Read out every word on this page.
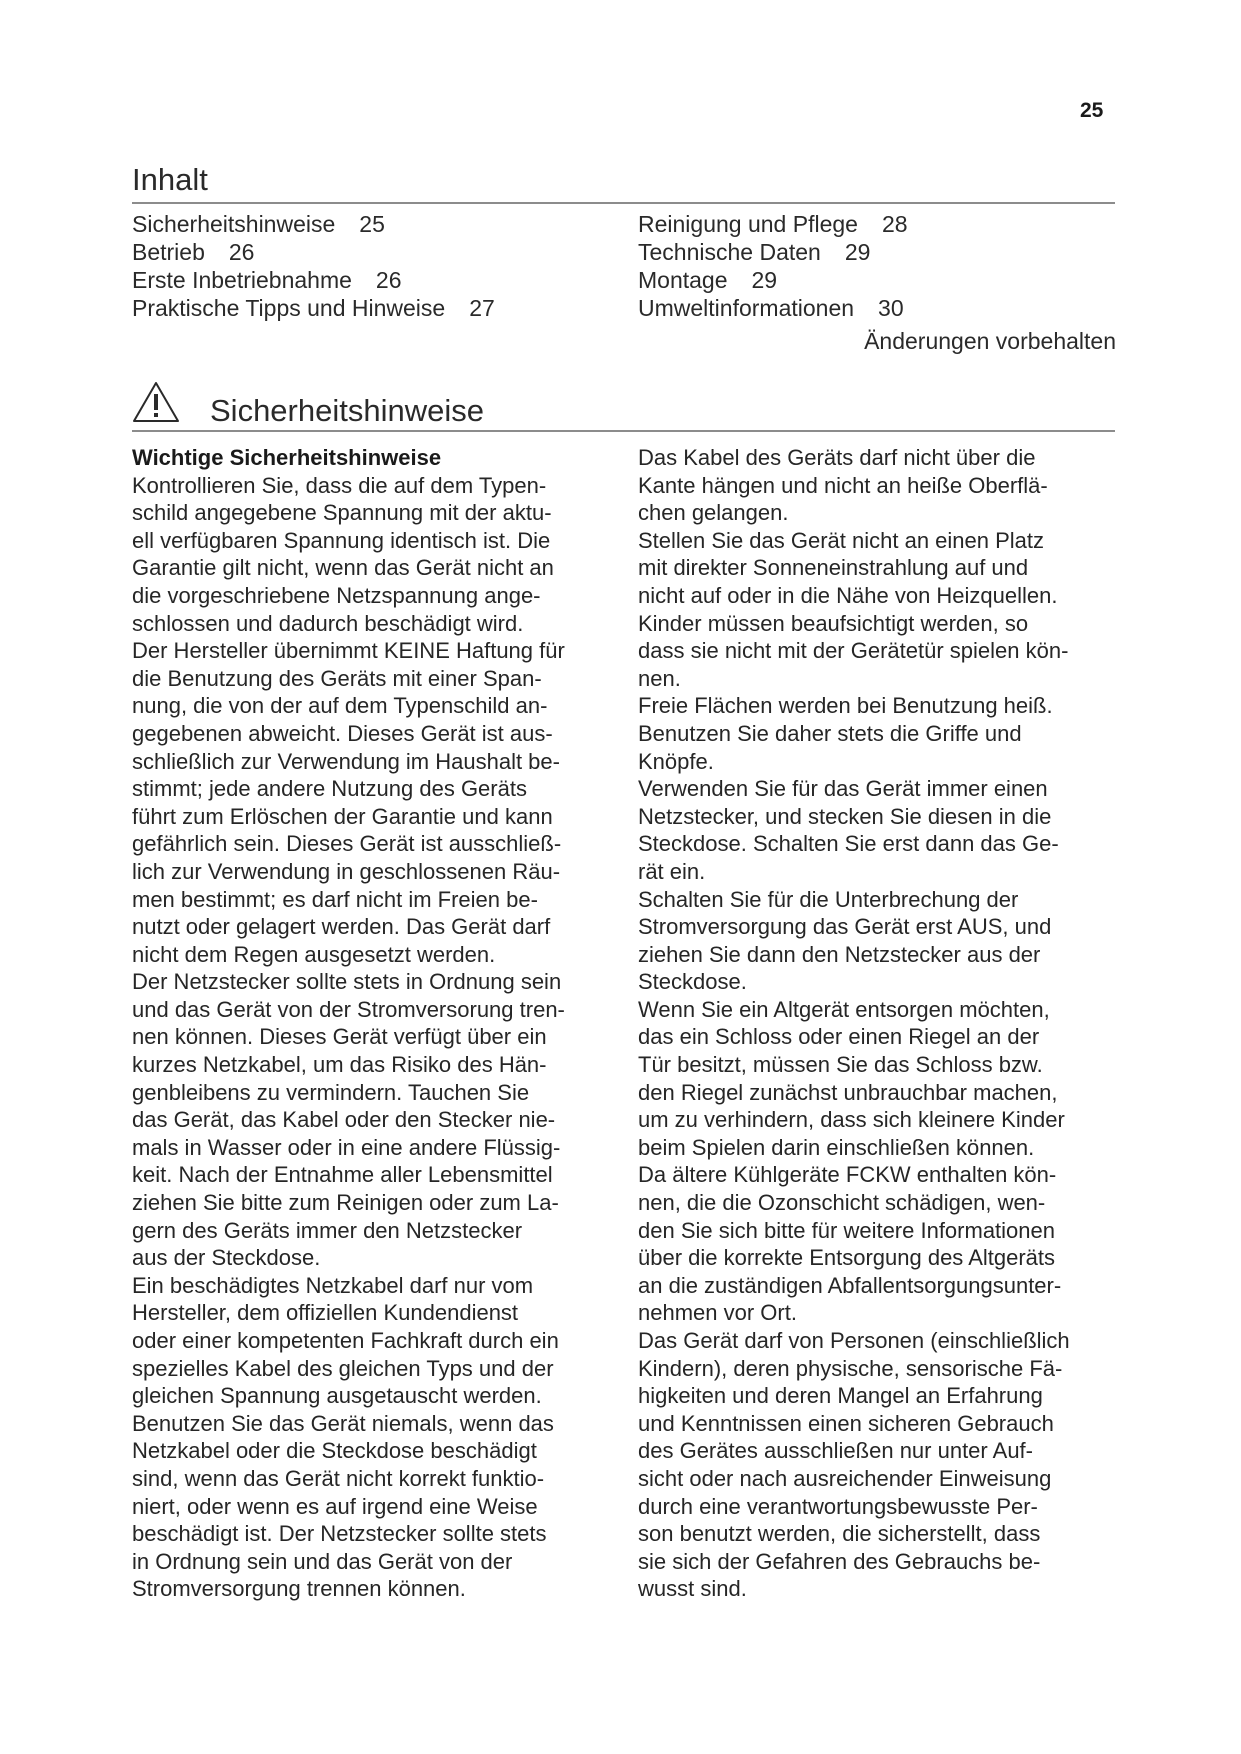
25
Inhalt
Sicherheitshinweise 25
Betrieb 26
Erste Inbetriebnahme 26
Praktische Tipps und Hinweise 27
Reinigung und Pflege 28
Technische Daten 29
Montage 29
Umweltinformationen 30
Änderungen vorbehalten
Sicherheitshinweise

Wichtige Sicherheitshinweise

Kontrollieren Sie, dass die auf dem Typen-
schild angegebene Spannung mit der aktu-
ell verfügbaren Spannung identisch ist. Die
Garantie gilt nicht, wenn das Gerät nicht an
die vorgeschriebene Netzspannung ange-
schlossen und dadurch beschädigt wird.
Der Hersteller übernimmt KEINE Haftung für
die Benutzung des Geräts mit einer Span-
nung, die von der auf dem Typenschild an-
gegebenen abweicht. Dieses Gerät ist aus-
schließlich zur Verwendung im Haushalt be-
stimmt; jede andere Nutzung des Geräts
führt zum Erlöschen der Garantie und kann
gefährlich sein. Dieses Gerät ist ausschließ-
lich zur Verwendung in geschlossenen Räu-
men bestimmt; es darf nicht im Freien be-
nutzt oder gelagert werden. Das Gerät darf
nicht dem Regen ausgesetzt werden.
Der Netzstecker sollte stets in Ordnung sein
und das Gerät von der Stromversorung tren-
nen können. Dieses Gerät verfügt über ein
kurzes Netzkabel, um das Risiko des Hän-
genbleibens zu vermindern. Tauchen Sie
das Gerät, das Kabel oder den Stecker nie-
mals in Wasser oder in eine andere Flüssig-
keit. Nach der Entnahme aller Lebensmittel
ziehen Sie bitte zum Reinigen oder zum La-
gern des Geräts immer den Netzstecker
aus der Steckdose.
Ein beschädigtes Netzkabel darf nur vom
Hersteller, dem offiziellen Kundendienst
oder einer kompetenten Fachkraft durch ein
spezielles Kabel des gleichen Typs und der
gleichen Spannung ausgetauscht werden.
Benutzen Sie das Gerät niemals, wenn das
Netzkabel oder die Steckdose beschädigt
sind, wenn das Gerät nicht korrekt funktio-
niert, oder wenn es auf irgend eine Weise
beschädigt ist. Der Netzstecker sollte stets
in Ordnung sein und das Gerät von der
Stromversorgung trennen können.
Das Kabel des Geräts darf nicht über die
Kante hängen und nicht an heiße Oberflä-
chen gelangen.
Stellen Sie das Gerät nicht an einen Platz
mit direkter Sonneneinstrahlung auf und
nicht auf oder in die Nähe von Heizquellen.
Kinder müssen beaufsichtigt werden, so
dass sie nicht mit der Gerätetür spielen kön-
nen.
Freie Flächen werden bei Benutzung heiß.
Benutzen Sie daher stets die Griffe und
Knöpfe.
Verwenden Sie für das Gerät immer einen
Netzstecker, und stecken Sie diesen in die
Steckdose. Schalten Sie erst dann das Ge-
rät ein.
Schalten Sie für die Unterbrechung der
Stromversorgung das Gerät erst AUS, und
ziehen Sie dann den Netzstecker aus der
Steckdose.
Wenn Sie ein Altgerät entsorgen möchten,
das ein Schloss oder einen Riegel an der
Tür besitzt, müssen Sie das Schloss bzw.
den Riegel zunächst unbrauchbar machen,
um zu verhindern, dass sich kleinere Kinder
beim Spielen darin einschließen können.
Da ältere Kühlgeräte FCKW enthalten kön-
nen, die die Ozonschicht schädigen, wen-
den Sie sich bitte für weitere Informationen
über die korrekte Entsorgung des Altgeräts
an die zuständigen Abfallentsorgungsunter-
nehmen vor Ort.
Das Gerät darf von Personen (einschließlich
Kindern), deren physische, sensorische Fä-
higkeiten und deren Mangel an Erfahrung
und Kenntnissen einen sicheren Gebrauch
des Gerätes ausschließen nur unter Auf-
sicht oder nach ausreichender Einweisung
durch eine verantwortungsbewusste Per-
son benutzt werden, die sicherstellt, dass
sie sich der Gefahren des Gebrauchs be-
wusst sind.
